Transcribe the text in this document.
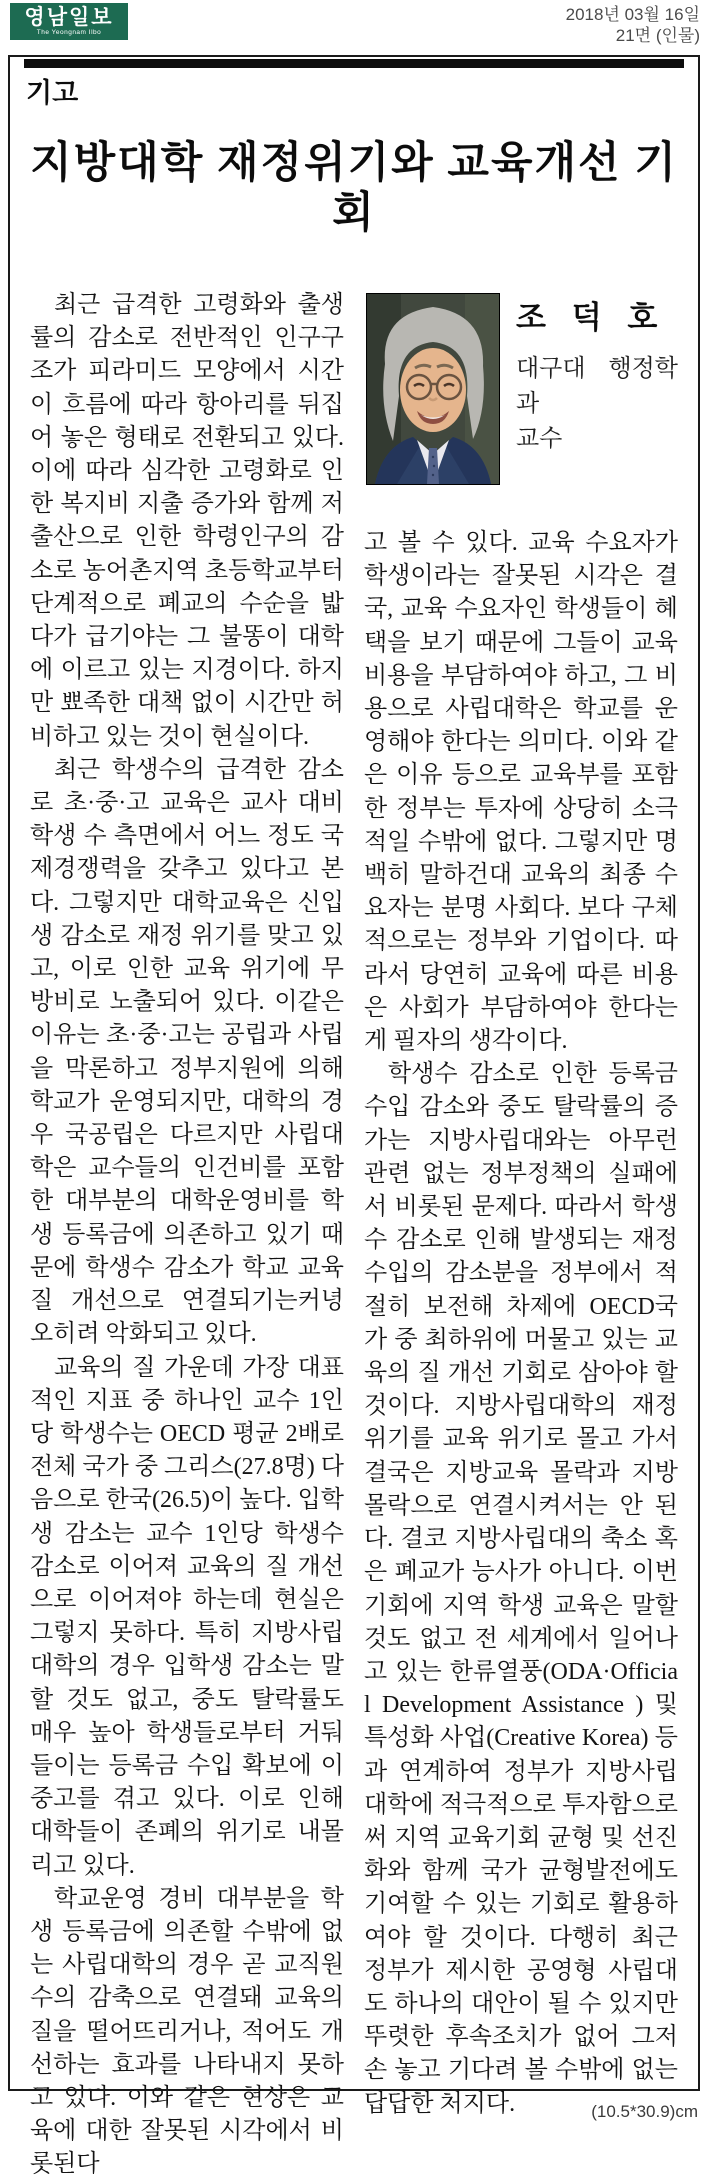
영남일보
The Yeongnam Ilbo
2018년 03월 16일
21면 (인물)
기고
지방대학 재정위기와 교육개선 기회

최근 급격한 고령화와 출생률의 감소로 전반적인 인구구조가 피라미드 모양에서 시간이 흐름에 따라 항아리를 뒤집어 놓은 형태로 전환되고 있다. 이에 따라 심각한 고령화로 인한 복지비 지출 증가와 함께 저출산으로 인한 학령인구의 감소로 농어촌지역 초등학교부터 단계적으로 폐교의 수순을 밟다가 급기야는 그 불똥이 대학에 이르고 있는 지경이다. 하지만 뾰족한 대책 없이 시간만 허비하고 있는 것이 현실이다.

최근 학생수의 급격한 감소로 초·중·고 교육은 교사 대비 학생 수 측면에서 어느 정도 국제경쟁력을 갖추고 있다고 본다. 그렇지만 대학교육은 신입생 감소로 재정 위기를 맞고 있고, 이로 인한 교육 위기에 무방비로 노출되어 있다. 이같은 이유는 초·중·고는 공립과 사립을 막론하고 정부지원에 의해 학교가 운영되지만, 대학의 경우 국공립은 다르지만 사립대학은 교수들의 인건비를 포함한 대부분의 대학운영비를 학생 등록금에 의존하고 있기 때문에 학생수 감소가 학교 교육 질 개선으로 연결되기는커녕 오히려 악화되고 있다.

교육의 질 가운데 가장 대표적인 지표 중 하나인 교수 1인당 학생수는 OECD 평균 2배로 전체 국가 중 그리스(27.8명) 다음으로 한국(26.5)이 높다. 입학생 감소는 교수 1인당 학생수 감소로 이어져 교육의 질 개선으로 이어져야 하는데 현실은 그렇지 못하다. 특히 지방사립대학의 경우 입학생 감소는 말할 것도 없고, 중도 탈락률도 매우 높아 학생들로부터 거둬들이는 등록금 수입 확보에 이중고를 겪고 있다. 이로 인해 대학들이 존폐의 위기로 내몰리고 있다.

학교운영 경비 대부분을 학생 등록금에 의존할 수밖에 없는 사립대학의 경우 곧 교직원 수의 감축으로 연결돼 교육의 질을 떨어뜨리거나, 적어도 개선하는 효과를 나타내지 못하고 있다. 이와 같은 현상은 교육에 대한 잘못된 시각에서 비롯된다

조 덕 호
대구대 행정학과
교수

고 볼 수 있다. 교육 수요자가 학생이라는 잘못된 시각은 결국, 교육 수요자인 학생들이 혜택을 보기 때문에 그들이 교육비용을 부담하여야 하고, 그 비용으로 사립대학은 학교를 운영해야 한다는 의미다. 이와 같은 이유 등으로 교육부를 포함한 정부는 투자에 상당히 소극적일 수밖에 없다. 그렇지만 명백히 말하건대 교육의 최종 수요자는 분명 사회다. 보다 구체적으로는 정부와 기업이다. 따라서 당연히 교육에 따른 비용은 사회가 부담하여야 한다는 게 필자의 생각이다.

학생수 감소로 인한 등록금 수입 감소와 중도 탈락률의 증가는 지방사립대와는 아무런 관련 없는 정부정책의 실패에서 비롯된 문제다. 따라서 학생수 감소로 인해 발생되는 재정 수입의 감소분을 정부에서 적절히 보전해 차제에 OECD국가 중 최하위에 머물고 있는 교육의 질 개선 기회로 삼아야 할 것이다. 지방사립대학의 재정 위기를 교육 위기로 몰고 가서 결국은 지방교육 몰락과 지방 몰락으로 연결시켜서는 안 된다. 결코 지방사립대의 축소 혹은 폐교가 능사가 아니다. 이번 기회에 지역 학생 교육은 말할 것도 없고 전 세계에서 일어나고 있는 한류열풍(ODA·Official Development Assistance ) 및 특성화 사업(Creative Korea) 등과 연계하여 정부가 지방사립대학에 적극적으로 투자함으로써 지역 교육기회 균형 및 선진화와 함께 국가 균형발전에도 기여할 수 있는 기회로 활용하여야 할 것이다. 다행히 최근 정부가 제시한 공영형 사립대도 하나의 대안이 될 수 있지만 뚜렷한 후속조치가 없어 그저 손 놓고 기다려 볼 수밖에 없는 답답한 처지다.	(10.5*30.9)cm
